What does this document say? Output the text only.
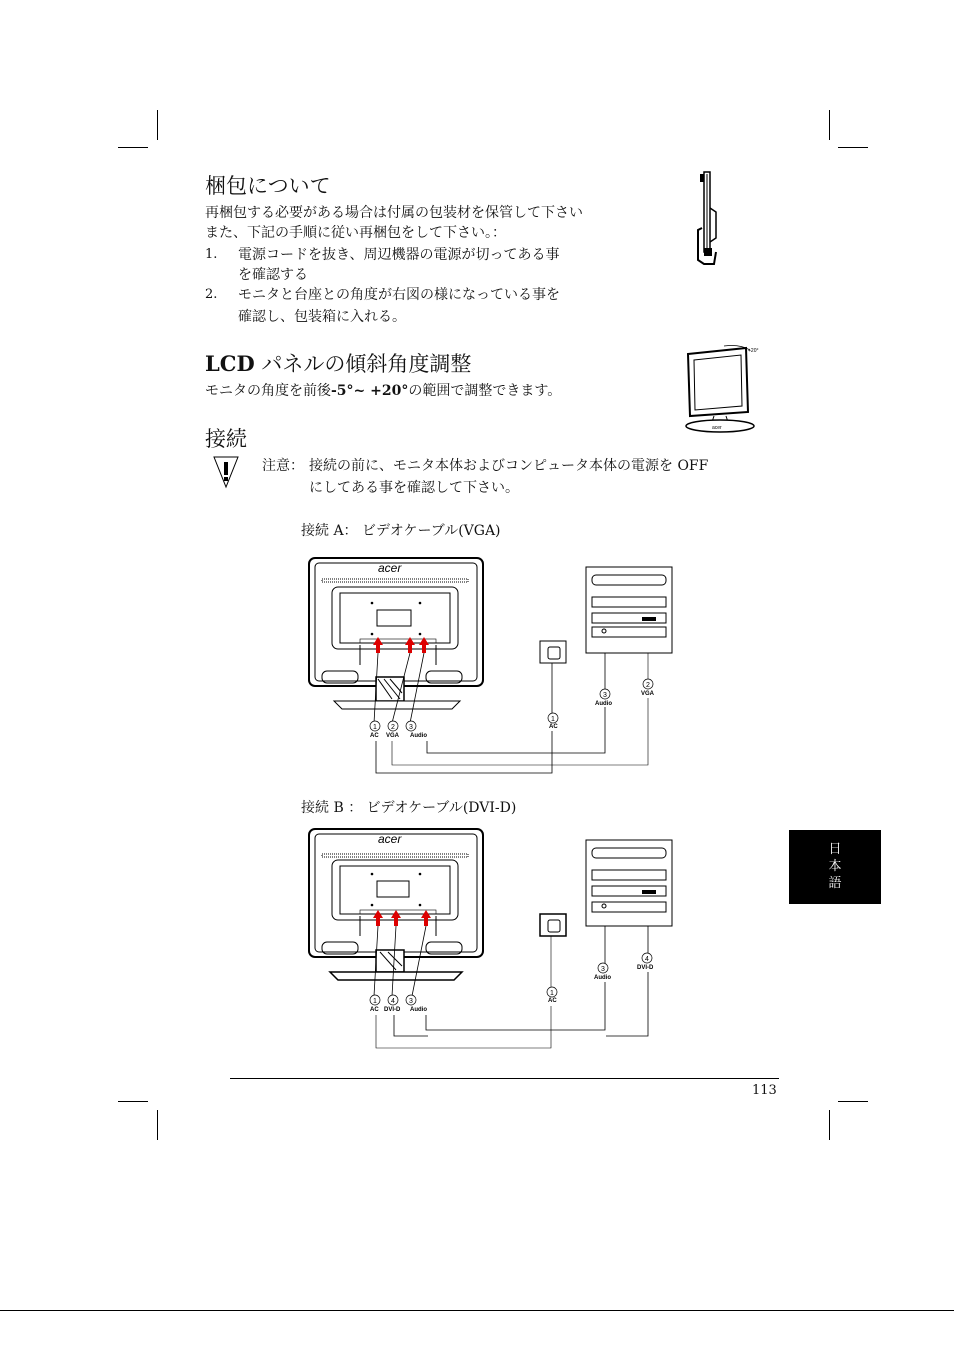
梱包について
再梱包する必要がある場合は付属の包装材を保管して下さい
また、下記の手順に従い再梱包をして下さい。：
1. 電源コードを抜き、周辺機器の電源が切ってある事
を確認する
2. モニタと台座との角度が右図の様になっている事を
確認し、包装箱に入れる。
LCD パネルの傾斜角度調整
モニタの角度を前後-5°~ +20°の範囲で調整できます。
+20°
acer
接続
注意： 接続の前に、モニタ本体およびコンピュータ本体の電源を OFF
にしてある事を確認して下さい。
接続 A： ビデオケーブル(VGA)
acer
1 2 3
AC VGA Audio
1
AC
3
Audio
2
VGA
接続 B ： ビデオケーブル(DVI-D)
acer
1 4 3
AC DVI-D Audio
1
AC
3
Audio
4
DVI-D
113
日
本
語
